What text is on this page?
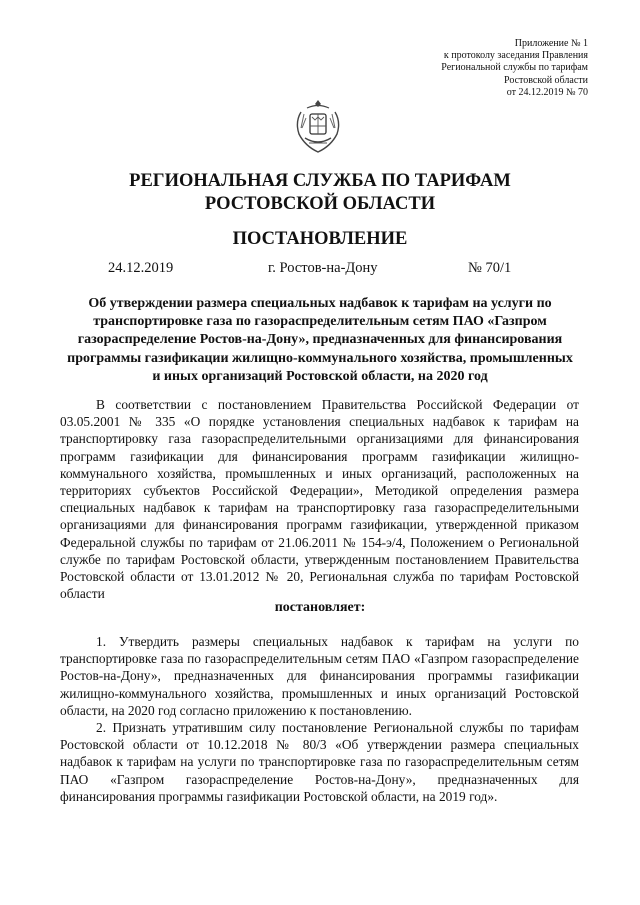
Приложение № 1
к протоколу заседания Правления
Региональной службы по тарифам
Ростовской области
от 24.12.2019 № 70
РЕГИОНАЛЬНАЯ СЛУЖБА ПО ТАРИФАМ
РОСТОВСКОЙ ОБЛАСТИ
ПОСТАНОВЛЕНИЕ
24.12.2019	г. Ростов-на-Дону	№ 70/1
Об утверждении размера специальных надбавок к тарифам на услуги по транспортировке газа по газораспределительным сетям ПАО «Газпром газораспределение Ростов-на-Дону», предназначенных для финансирования программы газификации жилищно-коммунального хозяйства, промышленных и иных организаций Ростовской области, на 2020 год

В соответствии с постановлением Правительства Российской Федерации от 03.05.2001 № 335 «О порядке установления специальных надбавок к тарифам на транспортировку газа газораспределительными организациями для финансирования программ газификации для финансирования программ газификации жилищно-коммунального хозяйства, промышленных и иных организаций, расположенных на территориях субъектов Российской Федерации», Методикой определения размера специальных надбавок к тарифам на транспортировку газа газораспределительными организациями для финансирования программ газификации, утвержденной приказом Федеральной службы по тарифам от 21.06.2011 № 154-э/4, Положением о Региональной службе по тарифам Ростовской области, утвержденным постановлением Правительства Ростовской области от 13.01.2012 № 20, Региональная служба по тарифам Ростовской области

постановляет:

1. Утвердить размеры специальных надбавок к тарифам на услуги по транспортировке газа по газораспределительным сетям ПАО «Газпром газораспределение Ростов-на-Дону», предназначенных для финансирования программы газификации жилищно-коммунального хозяйства, промышленных и иных организаций Ростовской области, на 2020 год согласно приложению к постановлению.

2. Признать утратившим силу постановление Региональной службы по тарифам Ростовской области от 10.12.2018 № 80/3 «Об утверждении размера специальных надбавок к тарифам на услуги по транспортировке газа по газораспределительным сетям ПАО «Газпром газораспределение Ростов-на-Дону», предназначенных для финансирования программы газификации Ростовской области, на 2019 год».
